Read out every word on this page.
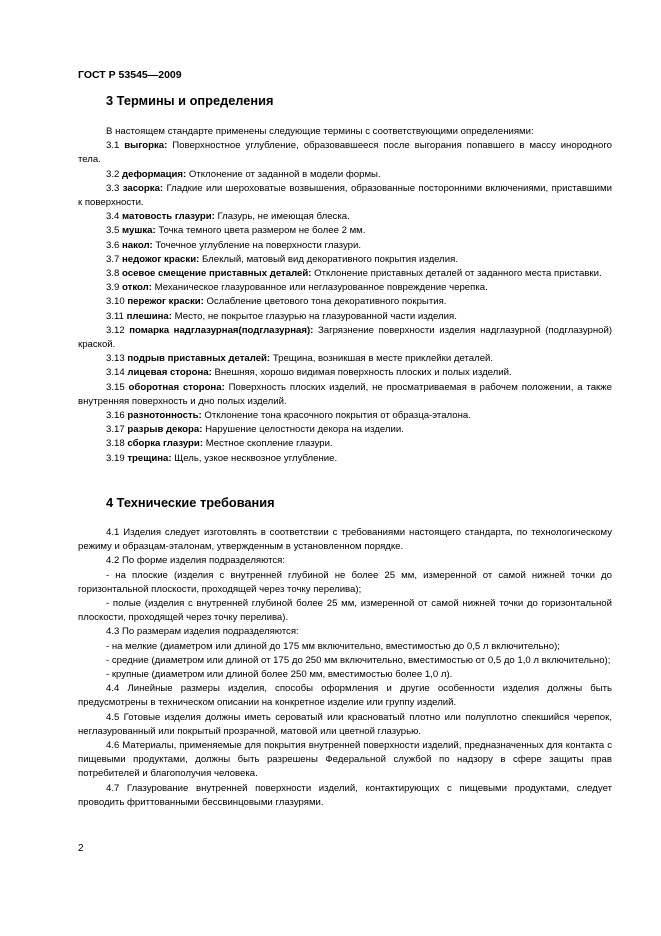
ГОСТ Р 53545—2009
3 Термины и определения

В настоящем стандарте применены следующие термины с соответствующими определениями:

3.1 выгорка: Поверхностное углубление, образовавшееся после выгорания попавшего в массу инородного тела.

3.2 деформация: Отклонение от заданной в модели формы.

3.3 засорка: Гладкие или шероховатые возвышения, образованные посторонними включениями, приставшими к поверхности.

3.4 матовость глазури: Глазурь, не имеющая блеска.

3.5 мушка: Точка темного цвета размером не более 2 мм.

3.6 накол: Точечное углубление на поверхности глазури.

3.7 недожог краски: Блеклый, матовый вид декоративного покрытия изделия.

3.8 осевое смещение приставных деталей: Отклонение приставных деталей от заданного места приставки.

3.9 откол: Механическое глазурованное или неглазурованное повреждение черепка.

3.10 пережог краски: Ослабление цветового тона декоративного покрытия.

3.11 плешина: Место, не покрытое глазурью на глазурованной части изделия.

3.12 помарка надглазурная(подглазурная): Загрязнение поверхности изделия надглазурной (подглазурной) краской.

3.13 подрыв приставных деталей: Трещина, возникшая в месте приклейки деталей.

3.14 лицевая сторона: Внешняя, хорошо видимая поверхность плоских и полых изделий.

3.15 оборотная сторона: Поверхность плоских изделий, не просматриваемая в рабочем положении, а также внутренняя поверхность и дно полых изделий.

3.16 разнотонность: Отклонение тона красочного покрытия от образца-эталона.

3.17 разрыв декора: Нарушение целостности декора на изделии.

3.18 сборка глазури: Местное скопление глазури.

3.19 трещина: Щель, узкое несквозное углубление.

4 Технические требования

4.1 Изделия следует изготовлять в соответствии с требованиями настоящего стандарта, по технологическому режиму и образцам-эталонам, утвержденным в установленном порядке.

4.2 По форме изделия подразделяются:

- на плоские (изделия с внутренней глубиной не более 25 мм, измеренной от самой нижней точки до горизонтальной плоскости, проходящей через точку перелива);

- полые (изделия с внутренней глубиной более 25 мм, измеренной от самой нижней точки до горизонтальной плоскости, проходящей через точку перелива).

4.3 По размерам изделия подразделяются:

- на мелкие (диаметром или длиной до 175 мм включительно, вместимостью до 0,5 л включительно);

- средние (диаметром или длиной от 175 до 250 мм включительно, вместимостью от 0,5 до 1,0 л включительно);

- крупные (диаметром или длиной более 250 мм, вместимостью более 1,0 л).

4.4 Линейные размеры изделия, способы оформления и другие особенности изделия должны быть предусмотрены в техническом описании на конкретное изделие или группу изделий.

4.5 Готовые изделия должны иметь сероватый или красноватый плотно или полуплотно спекшийся черепок, неглазурованный или покрытый прозрачной, матовой или цветной глазурью.

4.6 Материалы, применяемые для покрытия внутренней поверхности изделий, предназначенных для контакта с пищевыми продуктами, должны быть разрешены Федеральной службой по надзору в сфере защиты прав потребителей и благополучия человека.

4.7 Глазурование внутренней поверхности изделий, контактирующих с пищевыми продуктами, следует проводить фриттованными бессвинцовыми глазурями.

2
